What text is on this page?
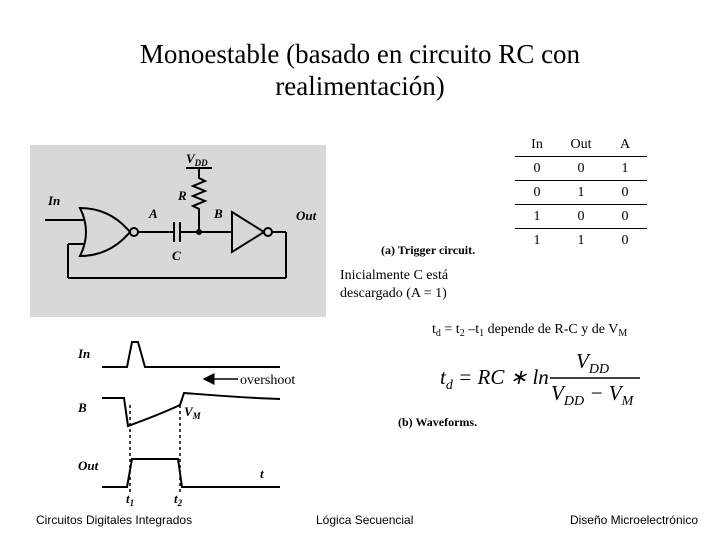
Monoestable (basado en circuito RC con
realimentación)
$V_{DD}$
In
A
R
B
C
Out
(a) Trigger circuit.
In
B
Out
$V_M$
t
$t_1$	$t_2$
overshoot
(b) Waveforms.
$t_d$ = RC ∗ ln
$V_{DD}$
$V_{DD} - V_M$
In	Out	A
0	0	1
0	1	0
1	0	0
1	1	0
Inicialmente C está
descargado (A = 1)
$t_d = t_2$ $-t_1$ depende de R-C y de $V_M$
Circuitos Digitales Integrados	Lógica Secuencial	Diseño Microelectrónico
